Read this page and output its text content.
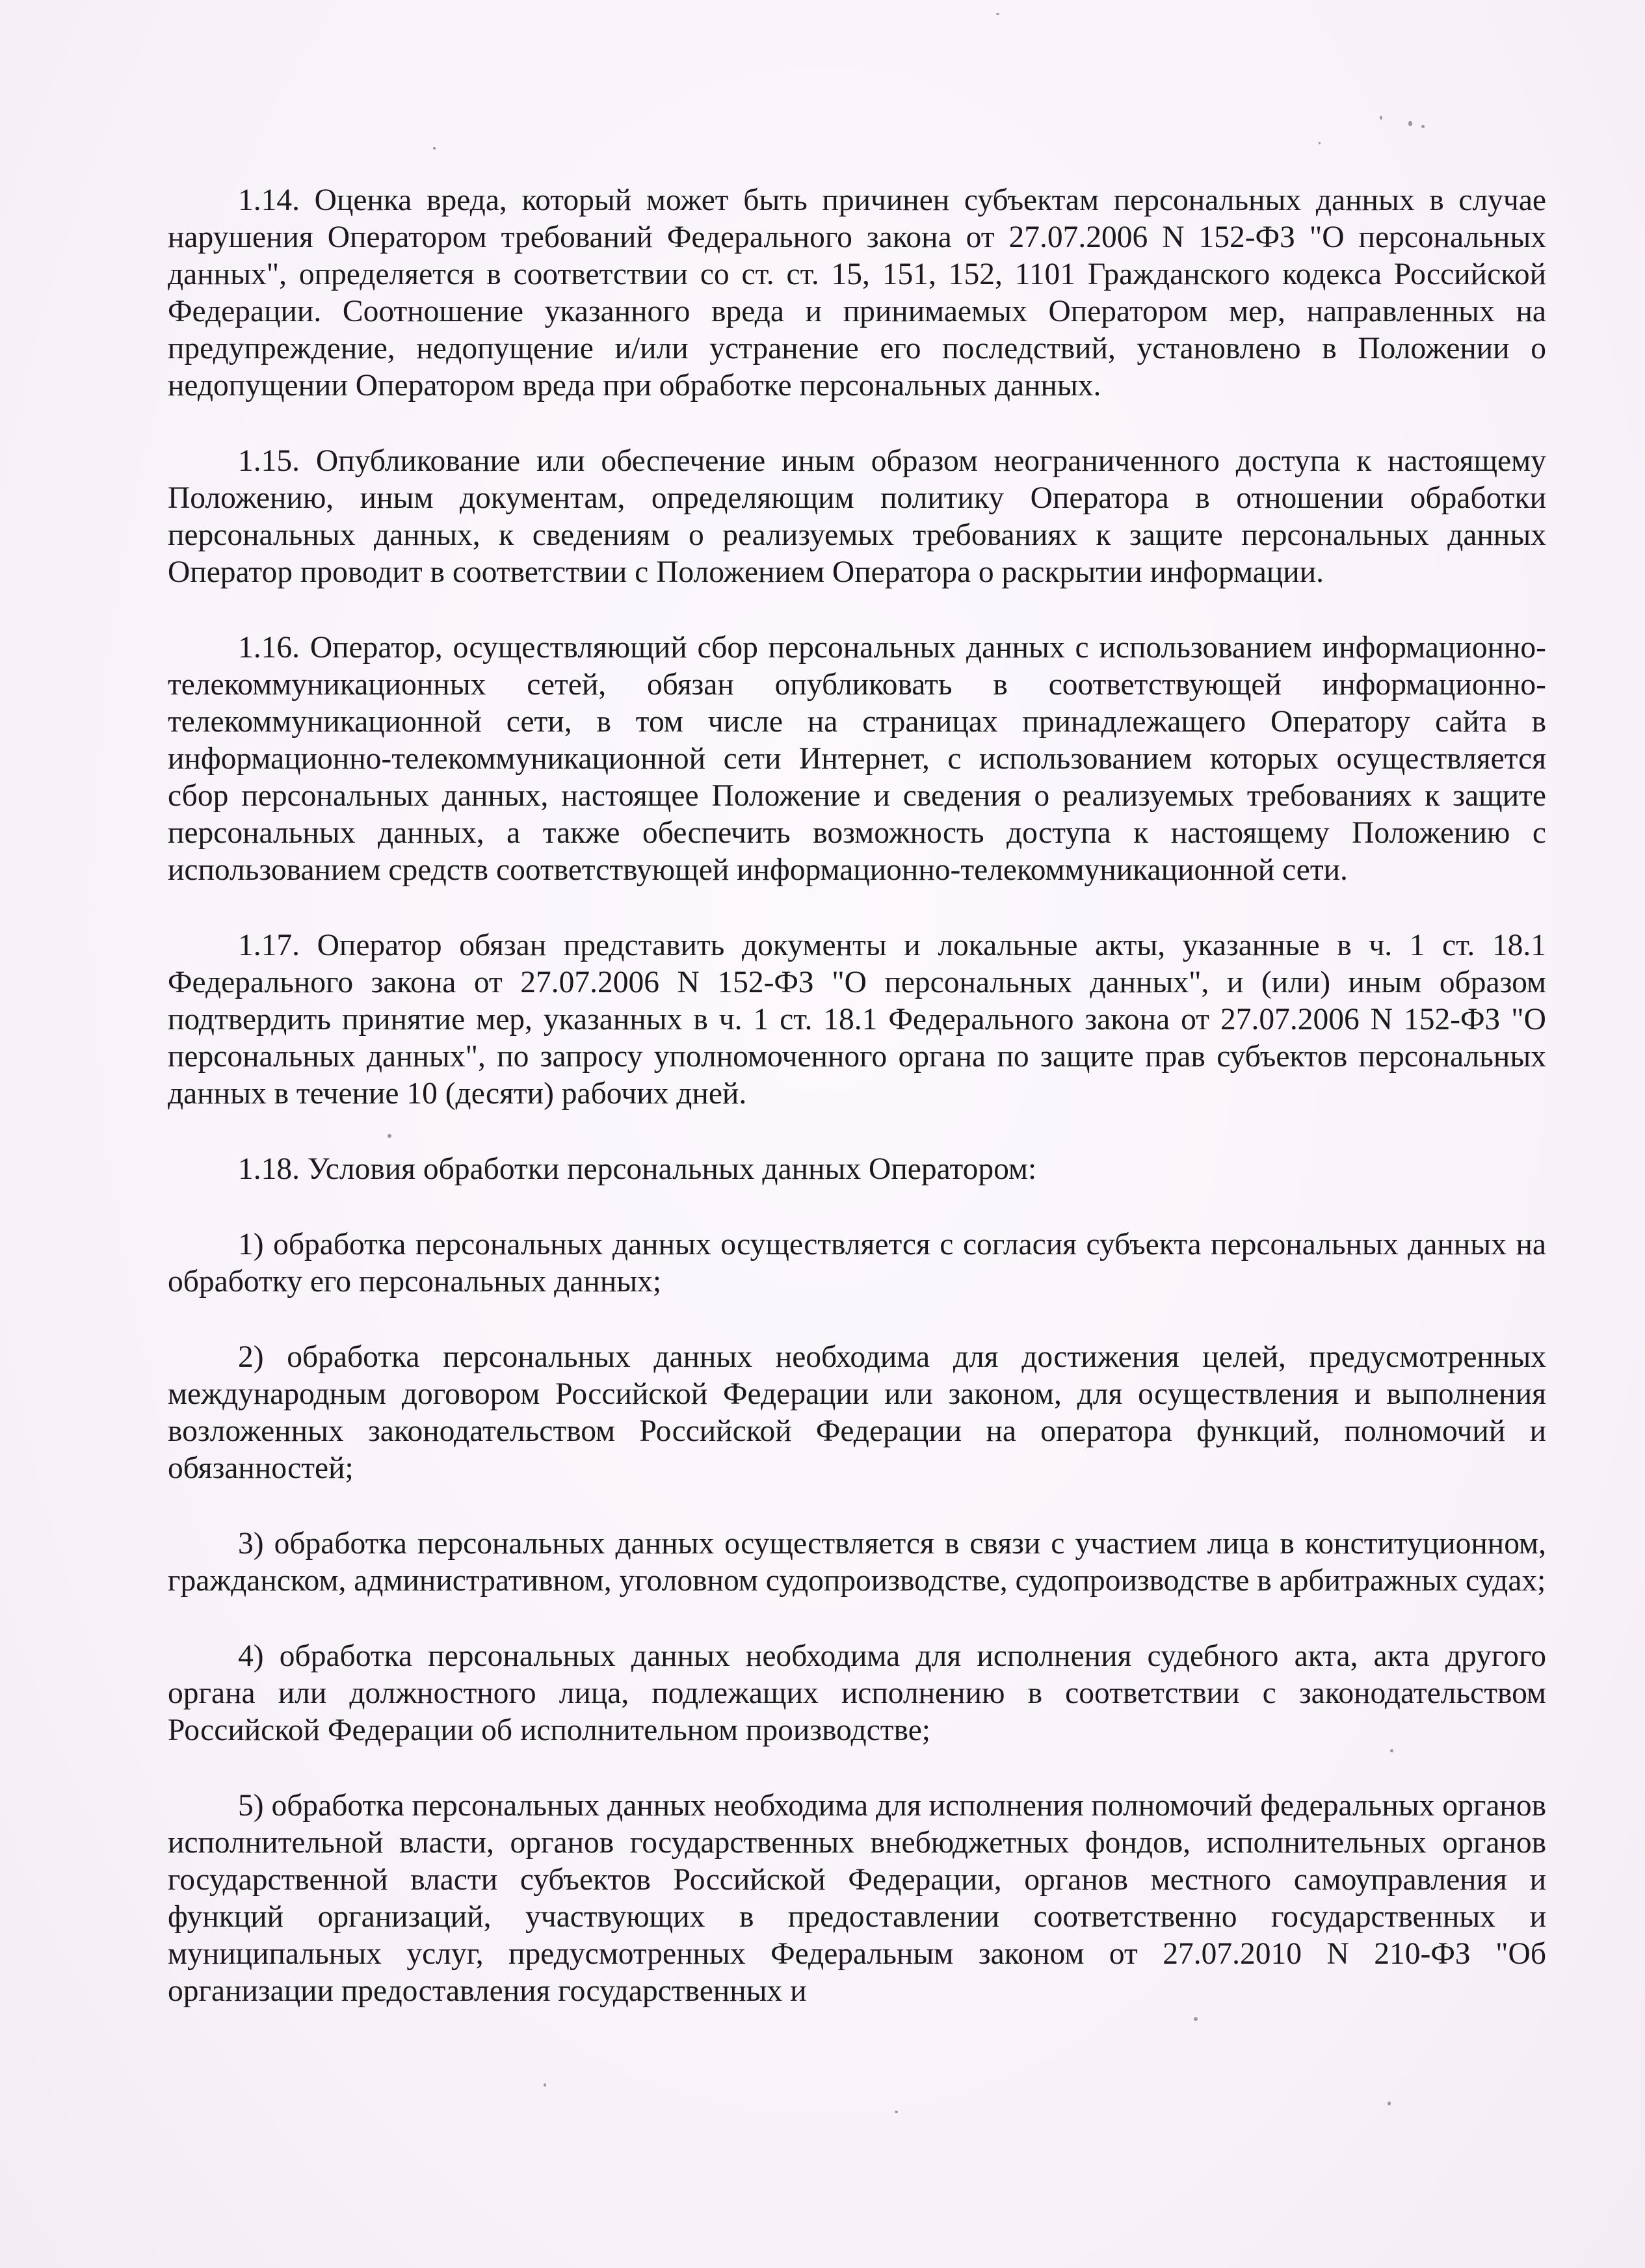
1.14. Оценка вреда, который может быть причинен субъектам персональных данных в случае нарушения Оператором требований Федерального закона от 27.07.2006 N 152-ФЗ "О персональных данных", определяется в соответствии со ст. ст. 15, 151, 152, 1101 Гражданского кодекса Российской Федерации. Соотношение указанного вреда и принимаемых Оператором мер, направленных на предупреждение, недопущение и/или устранение его последствий, установлено в Положении о недопущении Оператором вреда при обработке персональных данных.

1.15. Опубликование или обеспечение иным образом неограниченного доступа к настоящему Положению, иным документам, определяющим политику Оператора в отношении обработки персональных данных, к сведениям о реализуемых требованиях к защите персональных данных Оператор проводит в соответствии с Положением Оператора о раскрытии информации.

1.16. Оператор, осуществляющий сбор персональных данных с использованием информационно-телекоммуникационных сетей, обязан опубликовать в соответствующей информационно-телекоммуникационной сети, в том числе на страницах принадлежащего Оператору сайта в информационно-телекоммуникационной сети Интернет, с использованием которых осуществляется сбор персональных данных, настоящее Положение и сведения о реализуемых требованиях к защите персональных данных, а также обеспечить возможность доступа к настоящему Положению с использованием средств соответствующей информационно-телекоммуникационной сети.

1.17. Оператор обязан представить документы и локальные акты, указанные в ч. 1 ст. 18.1 Федерального закона от 27.07.2006 N 152-ФЗ "О персональных данных", и (или) иным образом подтвердить принятие мер, указанных в ч. 1 ст. 18.1 Федерального закона от 27.07.2006 N 152-ФЗ "О персональных данных", по запросу уполномоченного органа по защите прав субъектов персональных данных в течение 10 (десяти) рабочих дней.

1.18. Условия обработки персональных данных Оператором:

1) обработка персональных данных осуществляется с согласия субъекта персональных данных на обработку его персональных данных;

2) обработка персональных данных необходима для достижения целей, предусмотренных международным договором Российской Федерации или законом, для осуществления и выполнения возложенных законодательством Российской Федерации на оператора функций, полномочий и обязанностей;

3) обработка персональных данных осуществляется в связи с участием лица в конституционном, гражданском, административном, уголовном судопроизводстве, судопроизводстве в арбитражных судах;

4) обработка персональных данных необходима для исполнения судебного акта, акта другого органа или должностного лица, подлежащих исполнению в соответствии с законодательством Российской Федерации об исполнительном производстве;

5) обработка персональных данных необходима для исполнения полномочий федеральных органов исполнительной власти, органов государственных внебюджетных фондов, исполнительных органов государственной власти субъектов Российской Федерации, органов местного самоуправления и функций организаций, участвующих в предоставлении соответственно государственных и муниципальных услуг, предусмотренных Федеральным законом от 27.07.2010 N 210-ФЗ "Об организации предоставления государственных и
